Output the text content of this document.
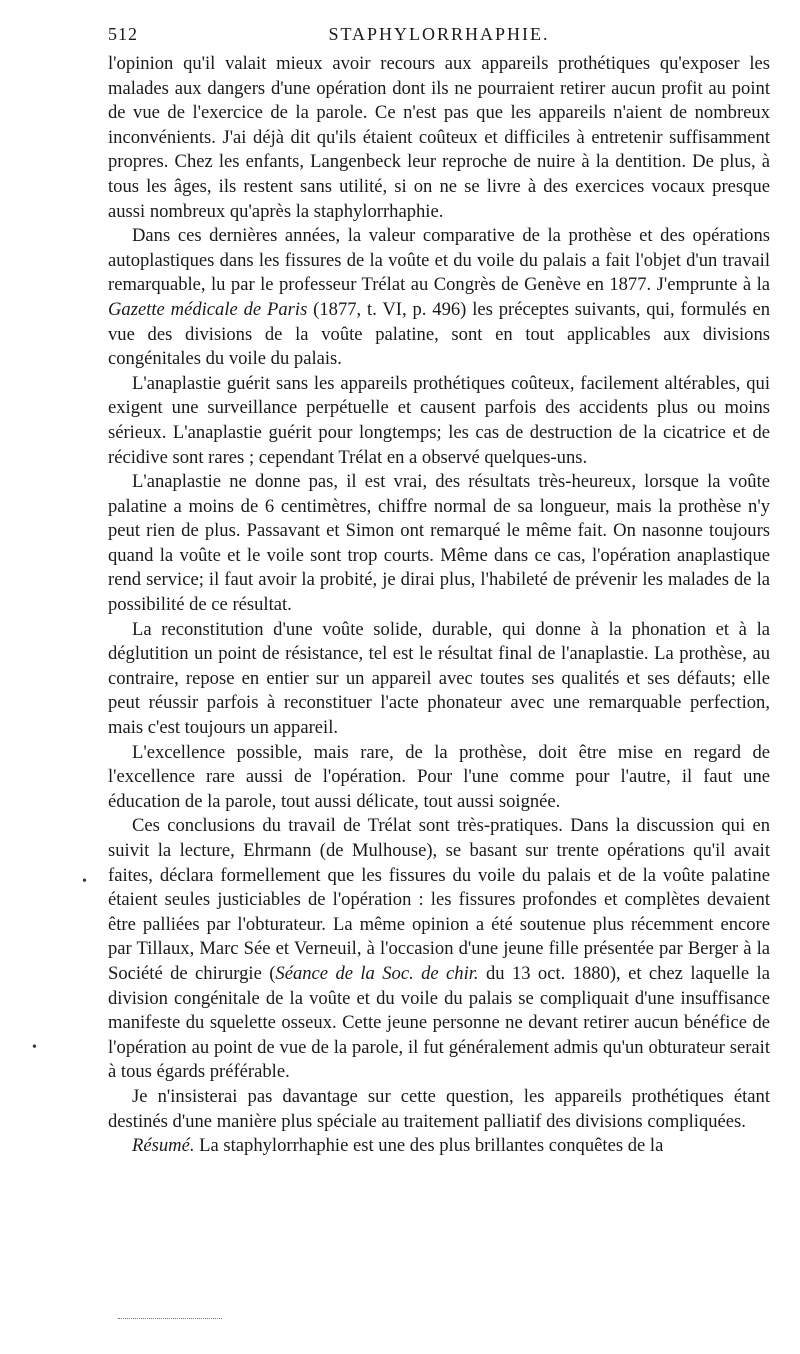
512	STAPHYLORRHAPHIE.

l'opinion qu'il valait mieux avoir recours aux appareils prothétiques qu'exposer les malades aux dangers d'une opération dont ils ne pourraient retirer aucun profit au point de vue de l'exercice de la parole. Ce n'est pas que les appareils n'aient de nombreux inconvénients. J'ai déjà dit qu'ils étaient coûteux et difficiles à entretenir suffisamment propres. Chez les enfants, Langenbeck leur reproche de nuire à la dentition. De plus, à tous les âges, ils restent sans utilité, si on ne se livre à des exercices vocaux presque aussi nombreux qu'après la staphylorrhaphie.

Dans ces dernières années, la valeur comparative de la prothèse et des opérations autoplastiques dans les fissures de la voûte et du voile du palais a fait l'objet d'un travail remarquable, lu par le professeur Trélat au Congrès de Genève en 1877. J'emprunte à la Gazette médicale de Paris (1877, t. VI, p. 496) les préceptes suivants, qui, formulés en vue des divisions de la voûte palatine, sont en tout applicables aux divisions congénitales du voile du palais.

L'anaplastie guérit sans les appareils prothétiques coûteux, facilement altérables, qui exigent une surveillance perpétuelle et causent parfois des accidents plus ou moins sérieux. L'anaplastie guérit pour longtemps; les cas de destruction de la cicatrice et de récidive sont rares ; cependant Trélat en a observé quelques-uns.

L'anaplastie ne donne pas, il est vrai, des résultats très-heureux, lorsque la voûte palatine a moins de 6 centimètres, chiffre normal de sa longueur, mais la prothèse n'y peut rien de plus. Passavant et Simon ont remarqué le même fait. On nasonne toujours quand la voûte et le voile sont trop courts. Même dans ce cas, l'opération anaplastique rend service; il faut avoir la probité, je dirai plus, l'habileté de prévenir les malades de la possibilité de ce résultat.

La reconstitution d'une voûte solide, durable, qui donne à la phonation et à la déglutition un point de résistance, tel est le résultat final de l'anaplastie. La prothèse, au contraire, repose en entier sur un appareil avec toutes ses qualités et ses défauts; elle peut réussir parfois à reconstituer l'acte phonateur avec une remarquable perfection, mais c'est toujours un appareil.

L'excellence possible, mais rare, de la prothèse, doit être mise en regard de l'excellence rare aussi de l'opération. Pour l'une comme pour l'autre, il faut une éducation de la parole, tout aussi délicate, tout aussi soignée.

Ces conclusions du travail de Trélat sont très-pratiques. Dans la discussion qui en suivit la lecture, Ehrmann (de Mulhouse), se basant sur trente opérations qu'il avait faites, déclara formellement que les fissures du voile du palais et de la voûte palatine étaient seules justiciables de l'opération : les fissures profondes et complètes devaient être palliées par l'obturateur. La même opinion a été soutenue plus récemment encore par Tillaux, Marc Sée et Verneuil, à l'occasion d'une jeune fille présentée par Berger à la Société de chirurgie (Séance de la Soc. de chir. du 13 oct. 1880), et chez laquelle la division congénitale de la voûte et du voile du palais se compliquait d'une insuffisance manifeste du squelette osseux. Cette jeune personne ne devant retirer aucun bénéfice de l'opération au point de vue de la parole, il fut généralement admis qu'un obturateur serait à tous égards préférable.

Je n'insisterai pas davantage sur cette question, les appareils prothétiques étant destinés d'une manière plus spéciale au traitement palliatif des divisions compliquées.

Résumé. La staphylorrhaphie est une des plus brillantes conquêtes de la

•
•
